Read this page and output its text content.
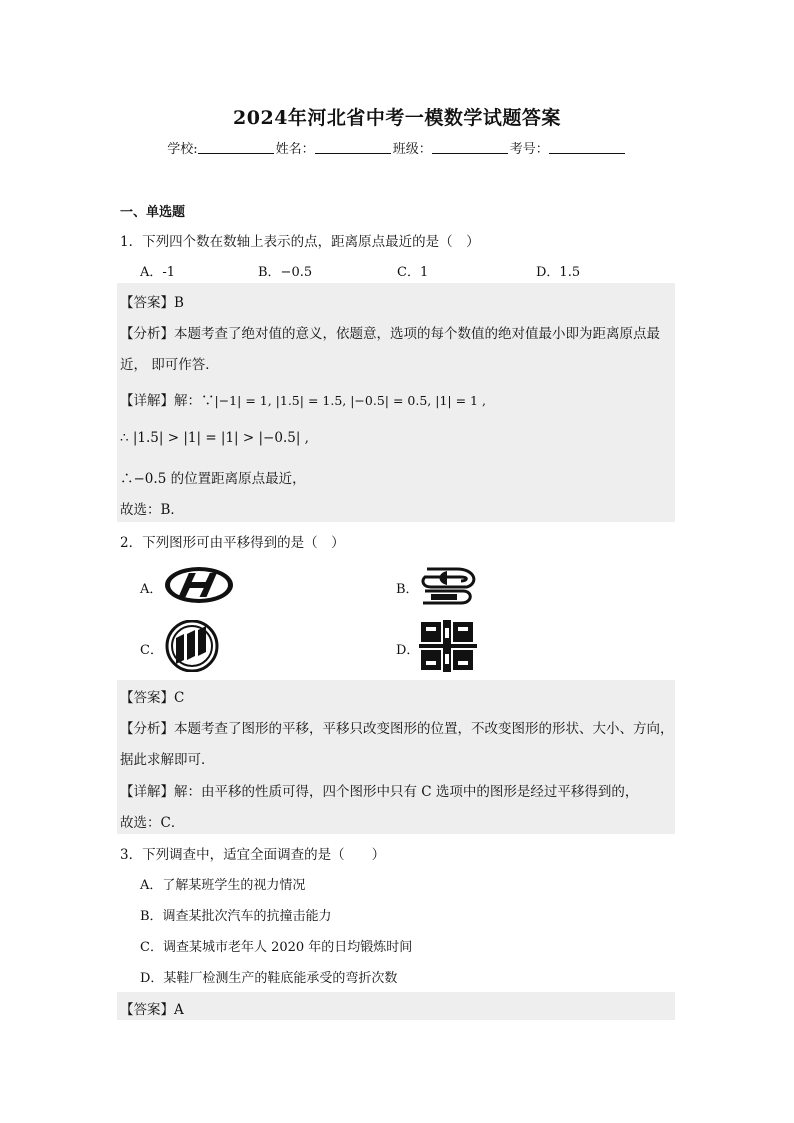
2024年河北省中考一模数学试题答案
学校:	姓名：	班级：	考号：
一、单选题
1．下列四个数在数轴上表示的点，距离原点最近的是（　）
A．-1	B．−0.5	C．1	D．1.5
【答案】B
【分析】本题考查了绝对值的意义，依题意，选项的每个数值的绝对值最小即为距离原点最
近， 即可作答．
【详解】解：∵|−1| = 1, |1.5| = 1.5, |−0.5| = 0.5, |1| = 1 ,
∴ |1.5| > |1| = |1| > |−0.5| ,
∴−0.5 的位置距离原点最近，
故选：B．
2．下列图形可由平移得到的是（　）
A．	B．
C．	D．
【答案】C
【分析】本题考查了图形的平移，平移只改变图形的位置，不改变图形的形状、大小、方向，
据此求解即可．
【详解】解：由平移的性质可得，四个图形中只有 C 选项中的图形是经过平移得到的，
故选：C．
3．下列调查中，适宜全面调查的是（　　）
A．了解某班学生的视力情况
B．调查某批次汽车的抗撞击能力
C．调查某城市老年人 2020 年的日均锻炼时间
D．某鞋厂检测生产的鞋底能承受的弯折次数
【答案】A
